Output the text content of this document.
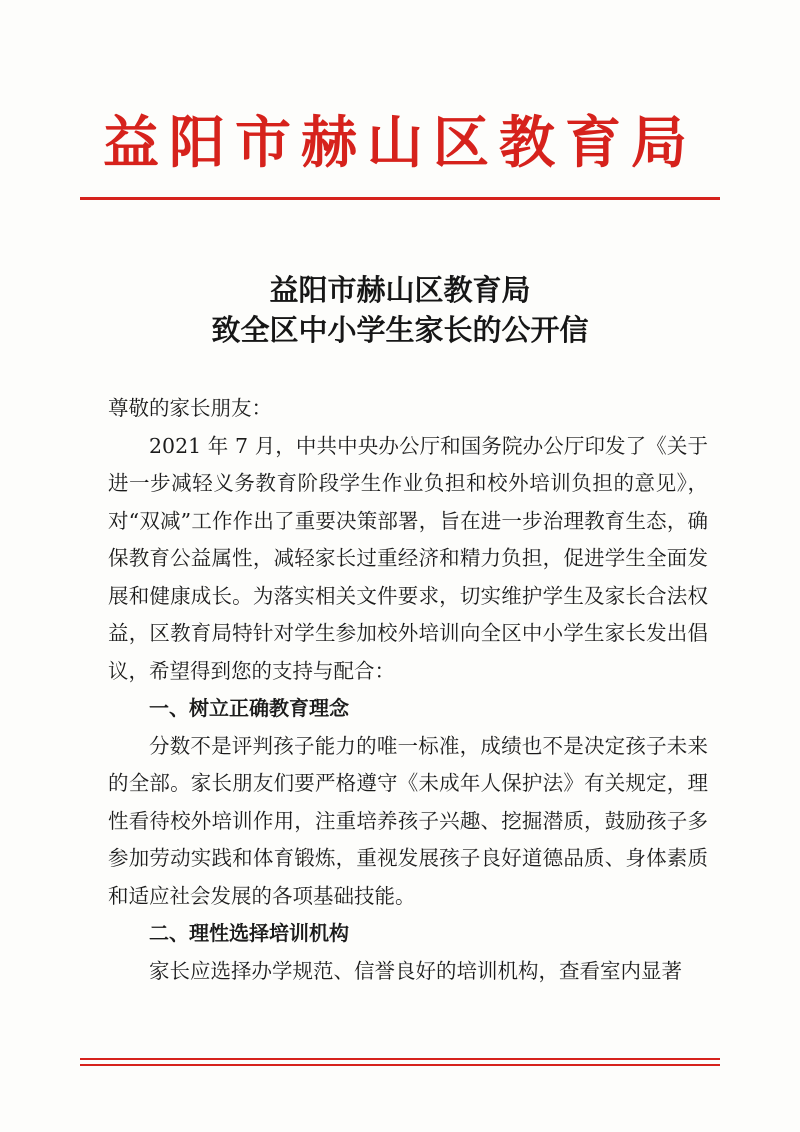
益阳市赫山区教育局
益阳市赫山区教育局
致全区中小学生家长的公开信

尊敬的家长朋友：

2021 年 7 月，中共中央办公厅和国务院办公厅印发了《关于进一步减轻义务教育阶段学生作业负担和校外培训负担的意见》，对“双减”工作作出了重要决策部署，旨在进一步治理教育生态，确保教育公益属性，减轻家长过重经济和精力负担，促进学生全面发展和健康成长。为落实相关文件要求，切实维护学生及家长合法权益，区教育局特针对学生参加校外培训向全区中小学生家长发出倡议，希望得到您的支持与配合：

一、树立正确教育理念

分数不是评判孩子能力的唯一标准，成绩也不是决定孩子未来的全部。家长朋友们要严格遵守《未成年人保护法》有关规定，理性看待校外培训作用，注重培养孩子兴趣、挖掘潜质，鼓励孩子多参加劳动实践和体育锻炼，重视发展孩子良好道德品质、身体素质和适应社会发展的各项基础技能。

二、理性选择培训机构

家长应选择办学规范、信誉良好的培训机构，查看室内显著
